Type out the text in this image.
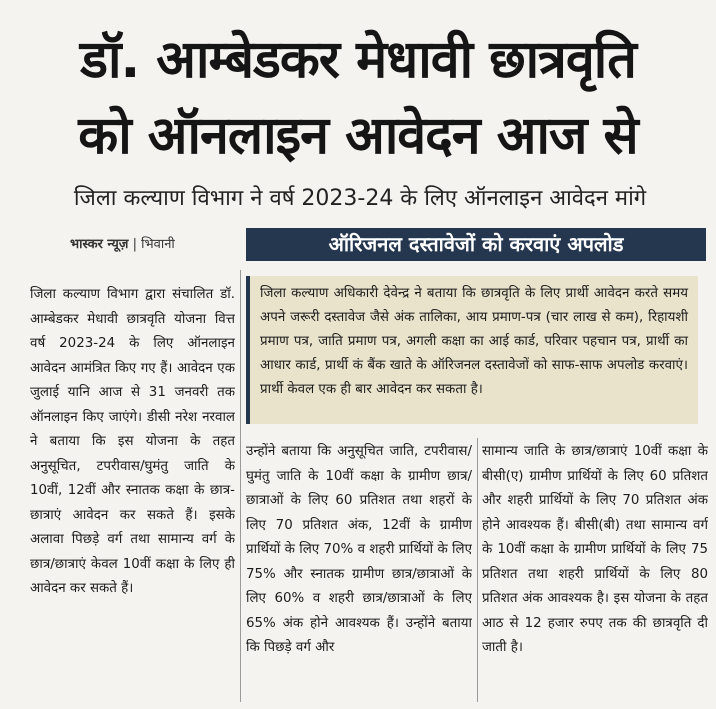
डॉ. आम्बेडकर मेधावी छात्रवृति
को ऑनलाइन आवेदन आज से
जिला कल्याण विभाग ने वर्ष 2023-24 के लिए ऑनलाइन आवेदन मांगे
भास्कर न्यूज़ | भिवानी	ऑरिजनल दस्तावेजों को करवाएं अपलोड
जिला कल्याण अधिकारी देवेन्द्र ने बताया कि छात्रवृति के लिए प्रार्थी आवेदन करते समय अपने जरूरी दस्तावेज जैसे अंक तालिका, आय प्रमाण-पत्र (चार लाख से कम), रिहायशी प्रमाण पत्र, जाति प्रमाण पत्र, अगली कक्षा का आई कार्ड, परिवार पहचान पत्र, प्रार्थी का आधार कार्ड, प्रार्थी कं बैंक खाते के ऑरिजनल दस्तावेजों को साफ-साफ अपलोड करवाएं। प्रार्थी केवल एक ही बार आवेदन कर सकता है।
जिला कल्याण विभाग द्वारा संचालित डॉ. आम्बेडकर मेधावी छात्रवृति योजना वित्त वर्ष 2023-24 के लिए ऑनलाइन आवेदन आमंत्रित किए गए हैं। आवेदन एक जुलाई यानि आज से 31 जनवरी तक ऑनलाइन किए जाएंगे। डीसी नरेश नरवाल ने बताया कि इस योजना के तहत अनुसूचित, टपरीवास/घुमंतु जाति के 10वीं, 12वीं और स्नातक कक्षा के छात्र-छात्राएं आवेदन कर सकते हैं। इसके अलावा पिछड़े वर्ग तथा सामान्य वर्ग के छात्र/छात्राएं केवल 10वीं कक्षा के लिए ही आवेदन कर सकते हैं।
उन्होंने बताया कि अनुसूचित जाति, टपरीवास/घुमंतु जाति के 10वीं कक्षा के ग्रामीण छात्र/ छात्राओं के लिए 60 प्रतिशत तथा शहरों के लिए 70 प्रतिशत अंक, 12वीं के ग्रामीण प्रार्थियों के लिए 70% व शहरी प्रार्थियों के लिए 75% और स्नातक ग्रामीण छात्र/छात्राओं के लिए 60% व शहरी छात्र/छात्राओं के लिए 65% अंक होने आवश्यक हैं। उन्होंने बताया कि पिछड़े वर्ग और
सामान्य जाति के छात्र/छात्राएं 10वीं कक्षा के बीसी(ए) ग्रामीण प्रार्थियों के लिए 60 प्रतिशत और शहरी प्रार्थियों के लिए 70 प्रतिशत अंक होने आवश्यक हैं। बीसी(बी) तथा सामान्य वर्ग के 10वीं कक्षा के ग्रामीण प्रार्थियों के लिए 75 प्रतिशत तथा शहरी प्रार्थियों के लिए 80 प्रतिशत अंक आवश्यक है। इस योजना के तहत आठ से 12 हजार रुपए तक की छात्रवृति दी जाती है।
